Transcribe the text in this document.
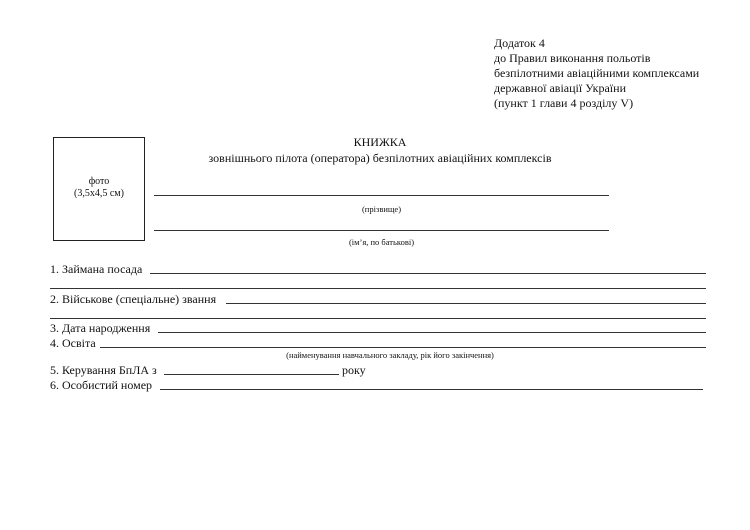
Додаток 4
до Правил виконання польотів
безпілотними авіаційними комплексами
державної авіації України
(пункт 1 глави 4 розділу V)
фото
(3,5x4,5 см)
КНИЖКА
зовнішнього пілота (оператора) безпілотних авіаційних комплексів
(прізвище)
(ім’я, по батькові)
1. Займана посада
2. Військове (спеціальне) звання
3. Дата народження
4. Освіта
(найменування навчального закладу, рік його закінчення)
5. Керування БпЛА з	року
6. Особистий номер
